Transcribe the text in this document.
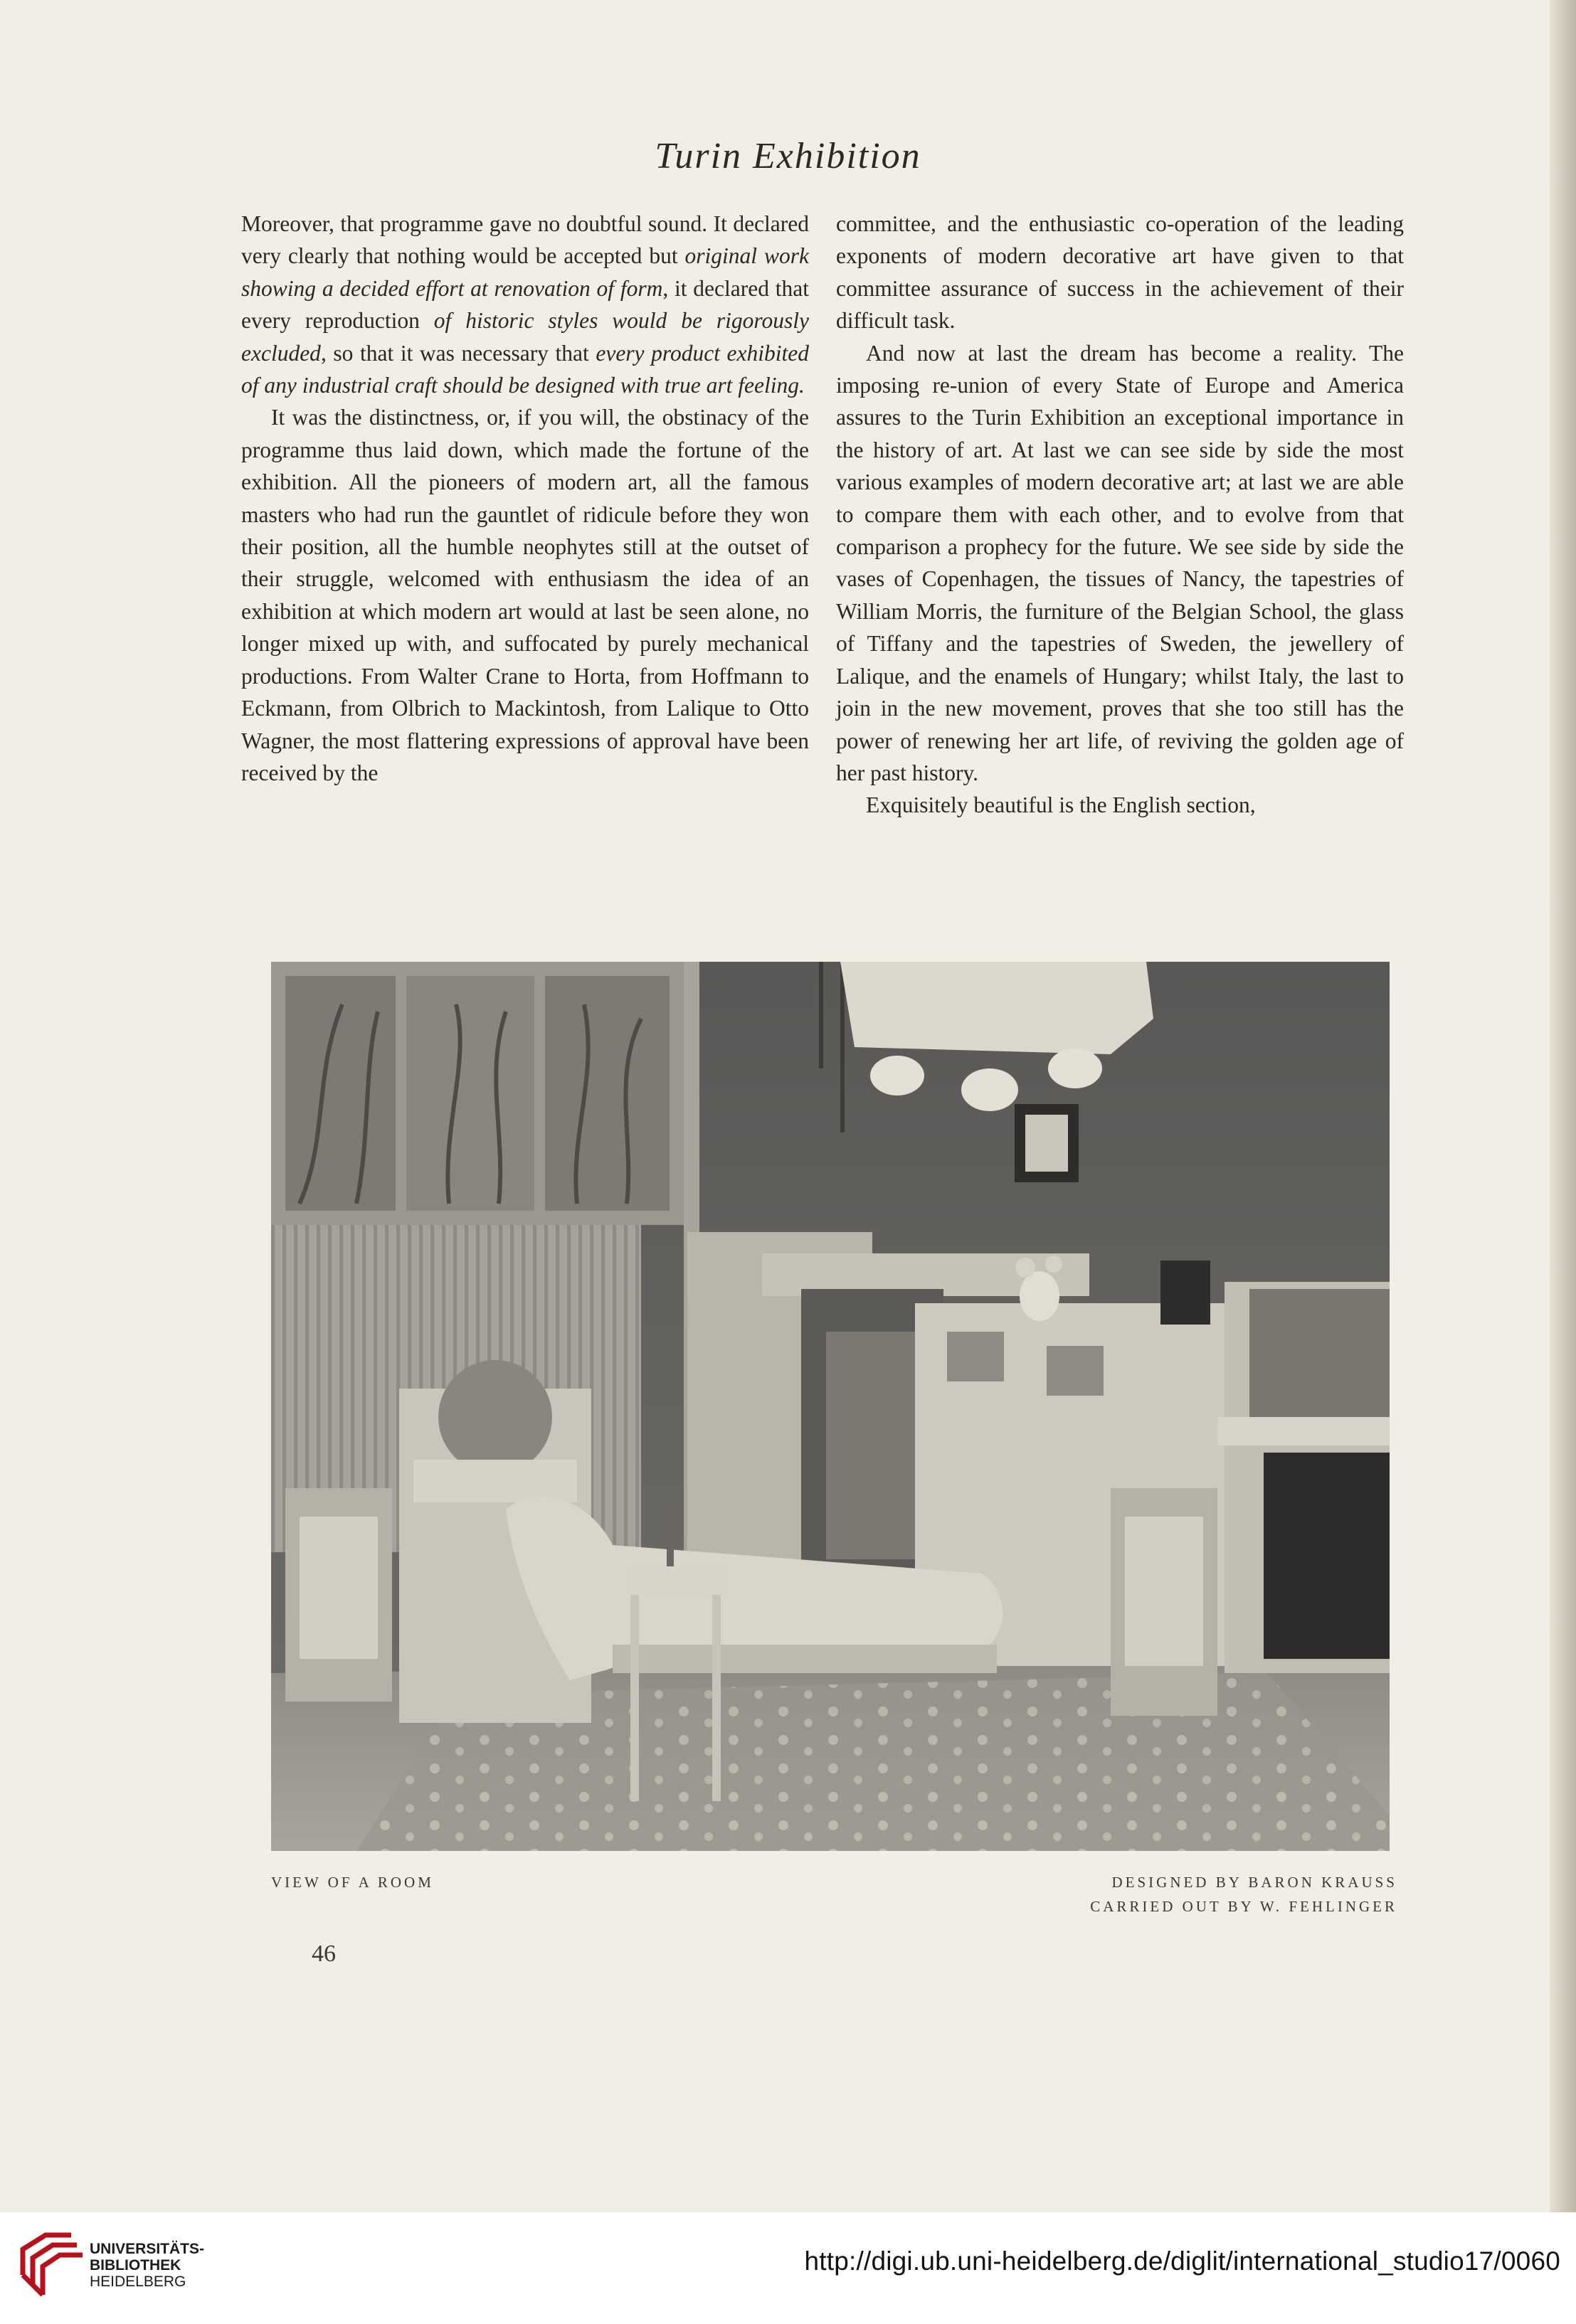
Turin Exhibition

Moreover, that programme gave no doubtful sound. It declared very clearly that nothing would be accepted but original work showing a decided effort at renovation of form, it declared that every reproduction of historic styles would be rigorously excluded, so that it was necessary that every product exhibited of any industrial craft should be designed with true art feeling.

It was the distinctness, or, if you will, the obstinacy of the programme thus laid down, which made the fortune of the exhibition. All the pioneers of modern art, all the famous masters who had run the gauntlet of ridicule before they won their position, all the humble neophytes still at the outset of their struggle, welcomed with enthusiasm the idea of an exhibition at which modern art would at last be seen alone, no longer mixed up with, and suffocated by purely mechanical productions. From Walter Crane to Horta, from Hoffmann to Eckmann, from Olbrich to Mackintosh, from Lalique to Otto Wagner, the most flattering expressions of approval have been received by the

committee, and the enthusiastic co-operation of the leading exponents of modern decorative art have given to that committee assurance of success in the achievement of their difficult task.

And now at last the dream has become a reality. The imposing re-union of every State of Europe and America assures to the Turin Exhibition an exceptional importance in the history of art. At last we can see side by side the most various examples of modern decorative art; at last we are able to compare them with each other, and to evolve from that comparison a prophecy for the future. We see side by side the vases of Copenhagen, the tissues of Nancy, the tapestries of William Morris, the furniture of the Belgian School, the glass of Tiffany and the tapestries of Sweden, the jewellery of Lalique, and the enamels of Hungary; whilst Italy, the last to join in the new movement, proves that she too still has the power of renewing her art life, of reviving the golden age of her past history.

Exquisitely beautiful is the English section,

VIEW OF A ROOM	DESIGNED BY BARON KRAUSS
CARRIED OUT BY W. FEHLINGER
46
UNIVERSITÄTS-
BIBLIOTHEK
HEIDELBERG
http://digi.ub.uni-heidelberg.de/diglit/international_studio17/0060
